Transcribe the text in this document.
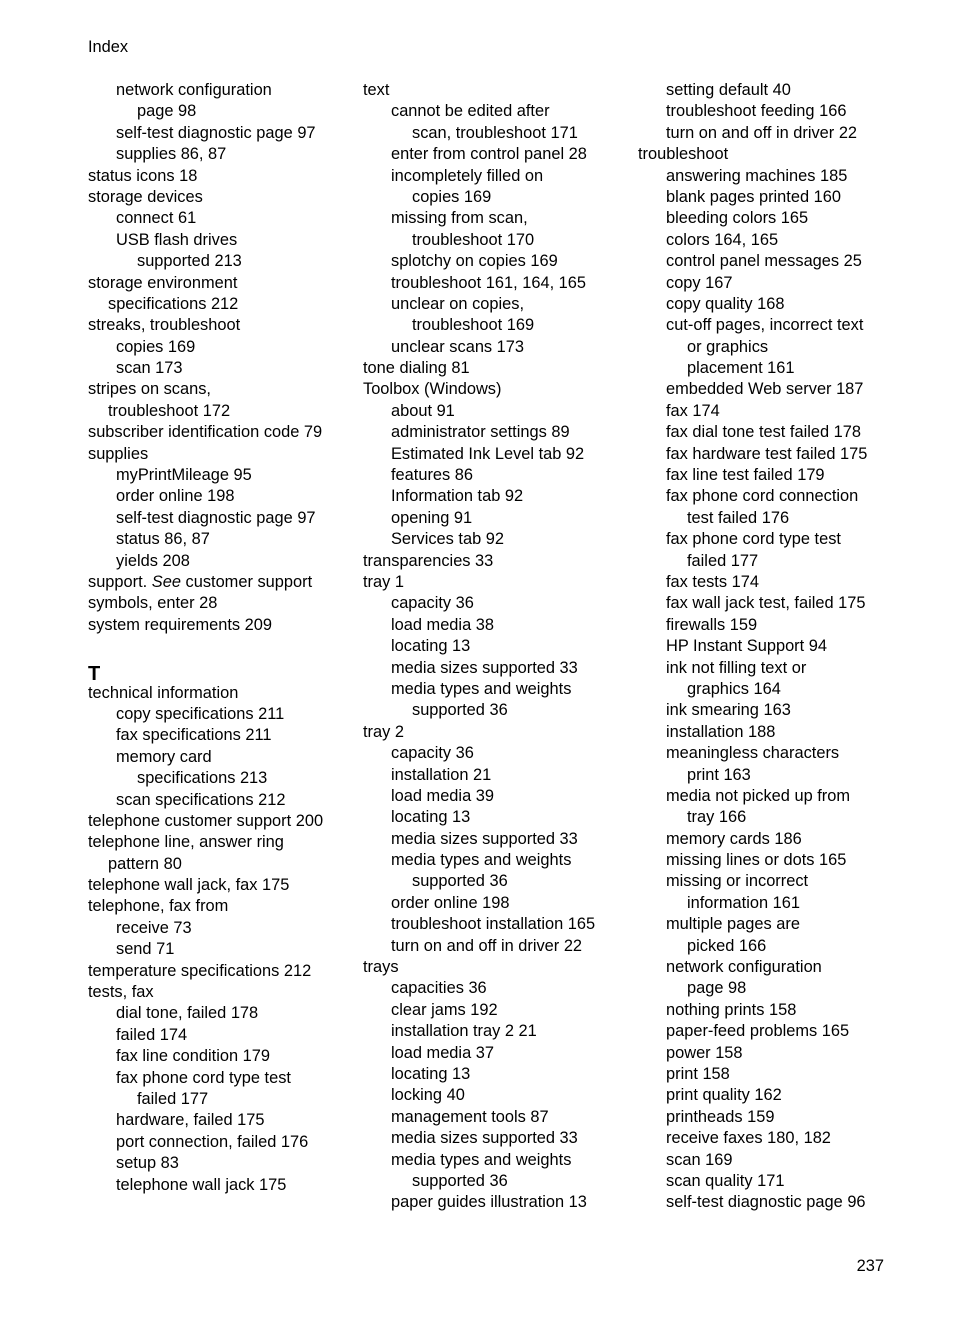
Index
network configuration
page 98
self-test diagnostic page 97
supplies 86, 87
status icons 18
storage devices
connect 61
USB flash drives
supported 213
storage environment
specifications 212
streaks, troubleshoot
copies 169
scan 173
stripes on scans,
troubleshoot 172
subscriber identification code 79
supplies
myPrintMileage 95
order online 198
self-test diagnostic page 97
status 86, 87
yields 208
support. See customer support
symbols, enter 28
system requirements 209
T
technical information
copy specifications 211
fax specifications 211
memory card
specifications 213
scan specifications 212
telephone customer support 200
telephone line, answer ring
pattern 80
telephone wall jack, fax 175
telephone, fax from
receive 73
send 71
temperature specifications 212
tests, fax
dial tone, failed 178
failed 174
fax line condition 179
fax phone cord type test
failed 177
hardware, failed 175
port connection, failed 176
setup 83
telephone wall jack 175
text
cannot be edited after
scan, troubleshoot 171
enter from control panel 28
incompletely filled on
copies 169
missing from scan,
troubleshoot 170
splotchy on copies 169
troubleshoot 161, 164, 165
unclear on copies,
troubleshoot 169
unclear scans 173
tone dialing 81
Toolbox (Windows)
about 91
administrator settings 89
Estimated Ink Level tab 92
features 86
Information tab 92
opening 91
Services tab 92
transparencies 33
tray 1
capacity 36
load media 38
locating 13
media sizes supported 33
media types and weights
supported 36
tray 2
capacity 36
installation 21
load media 39
locating 13
media sizes supported 33
media types and weights
supported 36
order online 198
troubleshoot installation 165
turn on and off in driver 22
trays
capacities 36
clear jams 192
installation tray 2 21
load media 37
locating 13
locking 40
management tools 87
media sizes supported 33
media types and weights
supported 36
paper guides illustration 13
setting default 40
troubleshoot feeding 166
turn on and off in driver 22
troubleshoot
answering machines 185
blank pages printed 160
bleeding colors 165
colors 164, 165
control panel messages 25
copy 167
copy quality 168
cut-off pages, incorrect text
or graphics
placement 161
embedded Web server 187
fax 174
fax dial tone test failed 178
fax hardware test failed 175
fax line test failed 179
fax phone cord connection
test failed 176
fax phone cord type test
failed 177
fax tests 174
fax wall jack test, failed 175
firewalls 159
HP Instant Support 94
ink not filling text or
graphics 164
ink smearing 163
installation 188
meaningless characters
print 163
media not picked up from
tray 166
memory cards 186
missing lines or dots 165
missing or incorrect
information 161
multiple pages are
picked 166
network configuration
page 98
nothing prints 158
paper-feed problems 165
power 158
print 158
print quality 162
printheads 159
receive faxes 180, 182
scan 169
scan quality 171
self-test diagnostic page 96
237
